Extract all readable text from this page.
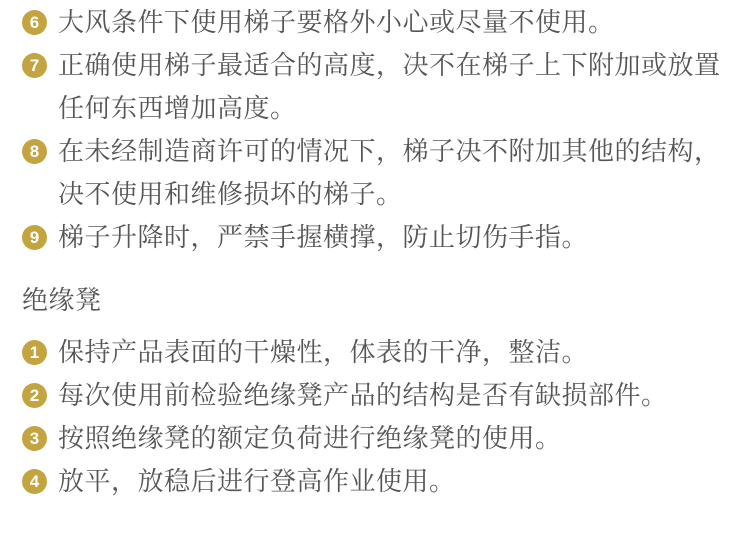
6 大风条件下使用梯子要格外小心或尽量不使用。
7 正确使用梯子最适合的高度，决不在梯子上下附加或放置
任何东西增加高度。
8 在未经制造商许可的情况下，梯子决不附加其他的结构，
决不使用和维修损坏的梯子。
9 梯子升降时，严禁手握横撑，防止切伤手指。
绝缘凳
1 保持产品表面的干燥性，体表的干净，整洁。
2 每次使用前检验绝缘凳产品的结构是否有缺损部件。
3 按照绝缘凳的额定负荷进行绝缘凳的使用。
4 放平，放稳后进行登高作业使用。
